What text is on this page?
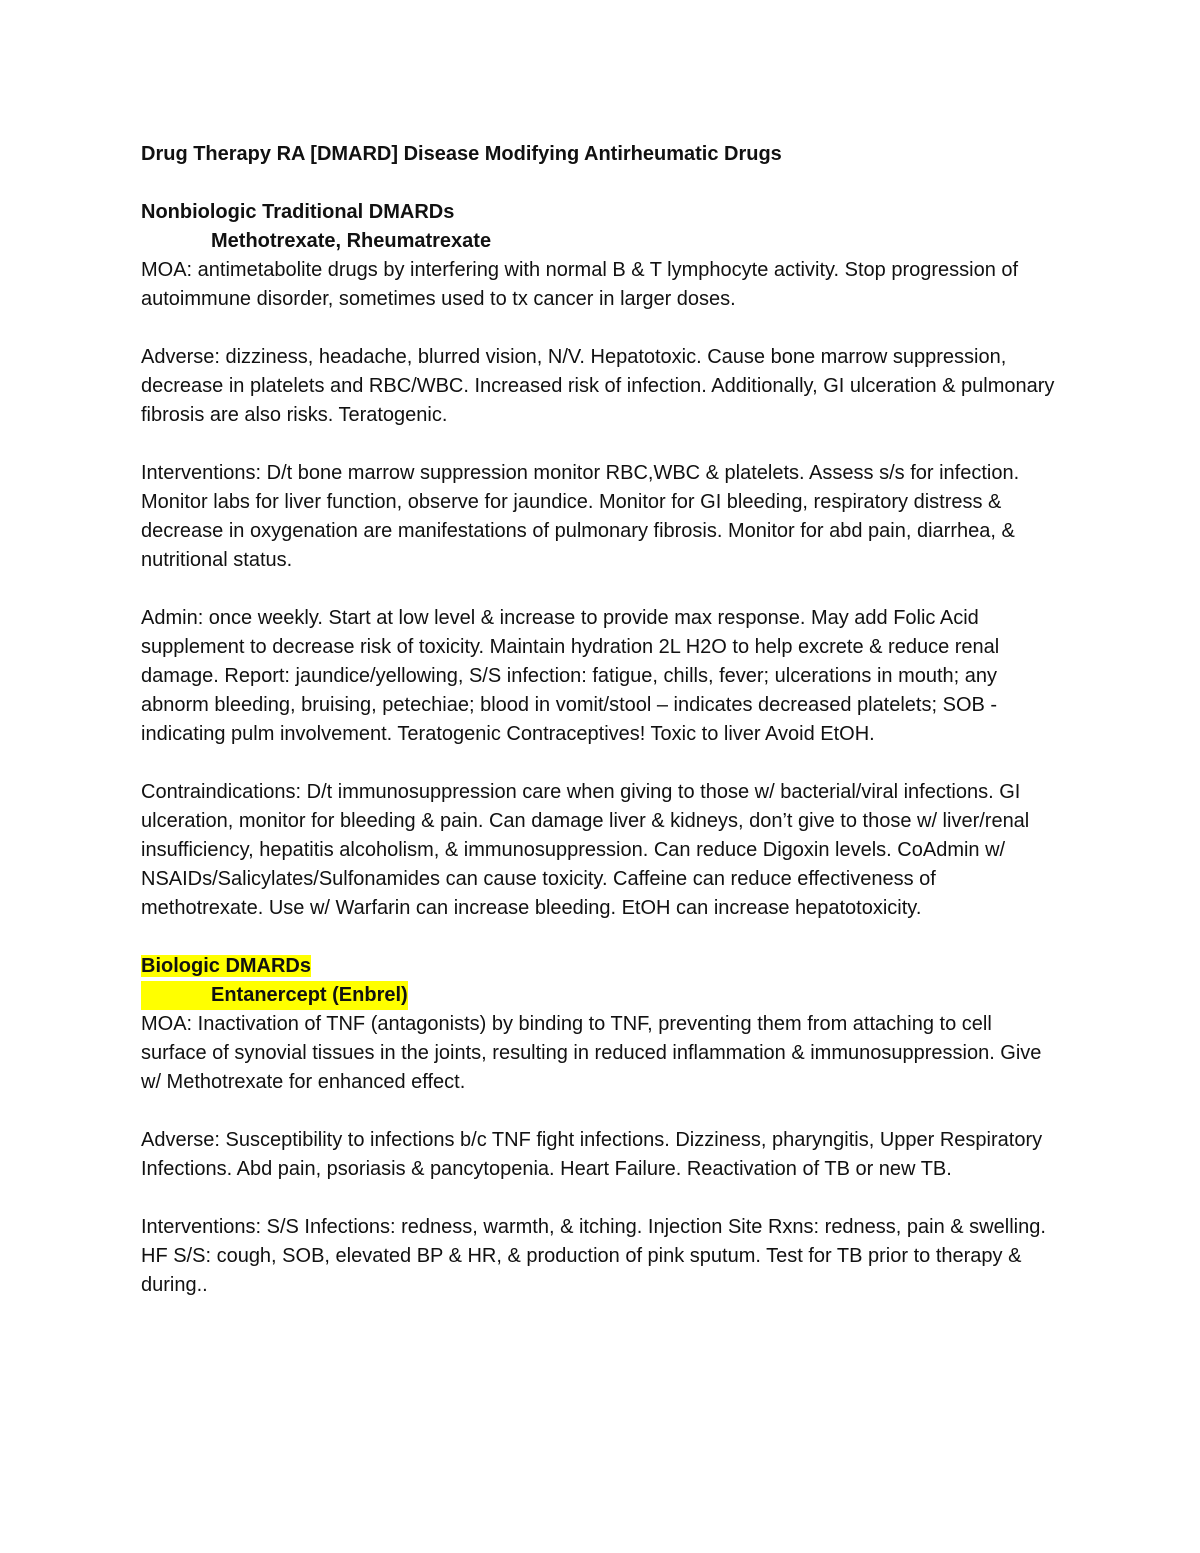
Drug Therapy RA [DMARD] Disease Modifying Antirheumatic Drugs

Nonbiologic Traditional DMARDs

Methotrexate, Rheumatrexate

MOA: antimetabolite drugs by interfering with normal B & T lymphocyte activity. Stop progression of autoimmune disorder, sometimes used to tx cancer in larger doses.

Adverse: dizziness, headache, blurred vision, N/V. Hepatotoxic. Cause bone marrow suppression, decrease in platelets and RBC/WBC. Increased risk of infection. Additionally, GI ulceration & pulmonary fibrosis are also risks. Teratogenic.

Interventions: D/t bone marrow suppression monitor RBC,WBC & platelets. Assess s/s for infection. Monitor labs for liver function, observe for jaundice. Monitor for GI bleeding, respiratory distress & decrease in oxygenation are manifestations of pulmonary fibrosis. Monitor for abd pain, diarrhea, & nutritional status.

Admin: once weekly. Start at low level & increase to provide max response. May add Folic Acid supplement to decrease risk of toxicity. Maintain hydration 2L H2O to help excrete & reduce renal damage. Report: jaundice/yellowing, S/S infection: fatigue, chills, fever; ulcerations in mouth; any abnorm bleeding, bruising, petechiae; blood in vomit/stool – indicates decreased platelets; SOB -indicating pulm involvement. Teratogenic Contraceptives! Toxic to liver Avoid EtOH.

Contraindications: D/t immunosuppression care when giving to those w/ bacterial/viral infections. GI ulceration, monitor for bleeding & pain. Can damage liver & kidneys, don’t give to those w/ liver/renal insufficiency, hepatitis alcoholism, & immunosuppression. Can reduce Digoxin levels. CoAdmin w/ NSAIDs/Salicylates/Sulfonamides can cause toxicity. Caffeine can reduce effectiveness of methotrexate. Use w/ Warfarin can increase bleeding. EtOH can increase hepatotoxicity.

Biologic DMARDs

Entanercept (Enbrel)

MOA: Inactivation of TNF (antagonists) by binding to TNF, preventing them from attaching to cell surface of synovial tissues in the joints, resulting in reduced inflammation & immunosuppression. Give w/ Methotrexate for enhanced effect.

Adverse: Susceptibility to infections b/c TNF fight infections. Dizziness, pharyngitis, Upper Respiratory Infections. Abd pain, psoriasis & pancytopenia. Heart Failure. Reactivation of TB or new TB.

Interventions: S/S Infections: redness, warmth, & itching. Injection Site Rxns: redness, pain & swelling. HF S/S: cough, SOB, elevated BP & HR, & production of pink sputum. Test for TB prior to therapy & during..
